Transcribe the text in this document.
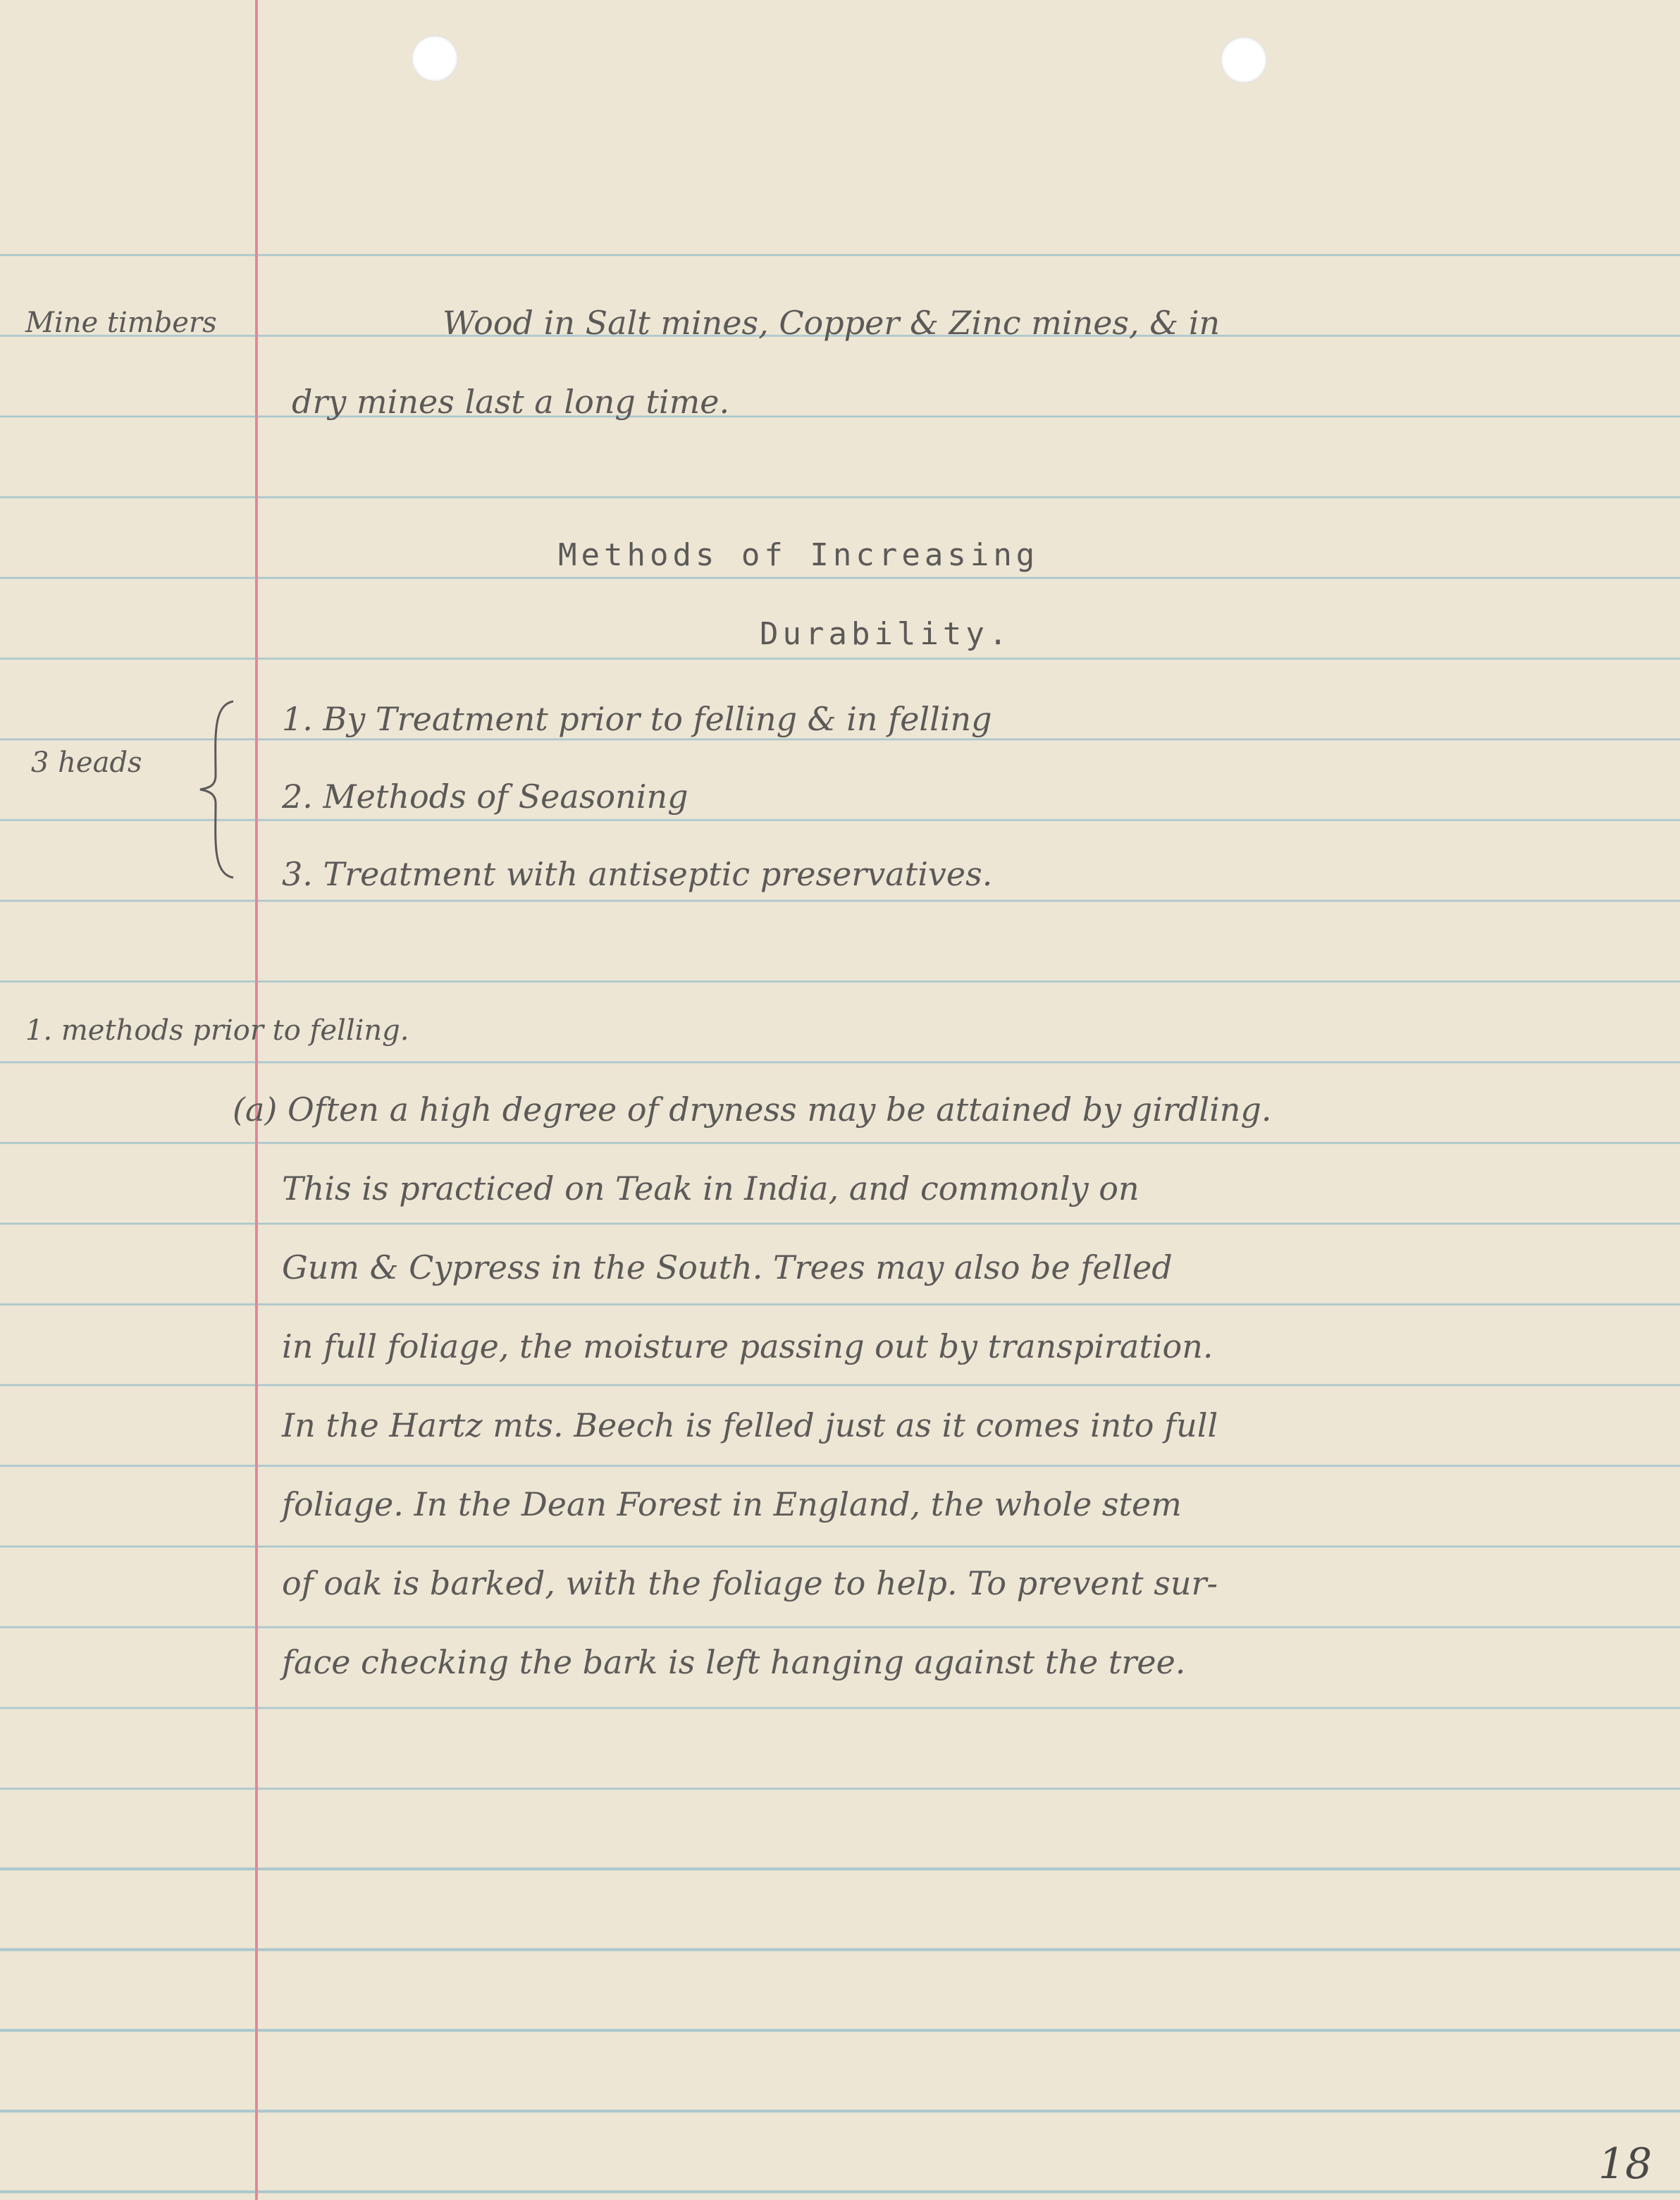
Mine timbers	Wood in Salt mines, Copper & Zinc mines, & in
dry mines last a long time.
Methods of Increasing
Durability.
3 heads
1. By Treatment prior to felling & in felling
2. Methods of Seasoning
3. Treatment with antiseptic preservatives.
1. methods prior to felling.
(a) Often a high degree of dryness may be attained by girdling.
This is practiced on Teak in India, and commonly on
Gum & Cypress in the South. Trees may also be felled
in full foliage, the moisture passing out by transpiration.
In the Hartz mts. Beech is felled just as it comes into full
foliage. In the Dean Forest in England, the whole stem
of oak is barked, with the foliage to help. To prevent sur-
face checking the bark is left hanging against the tree.
18
